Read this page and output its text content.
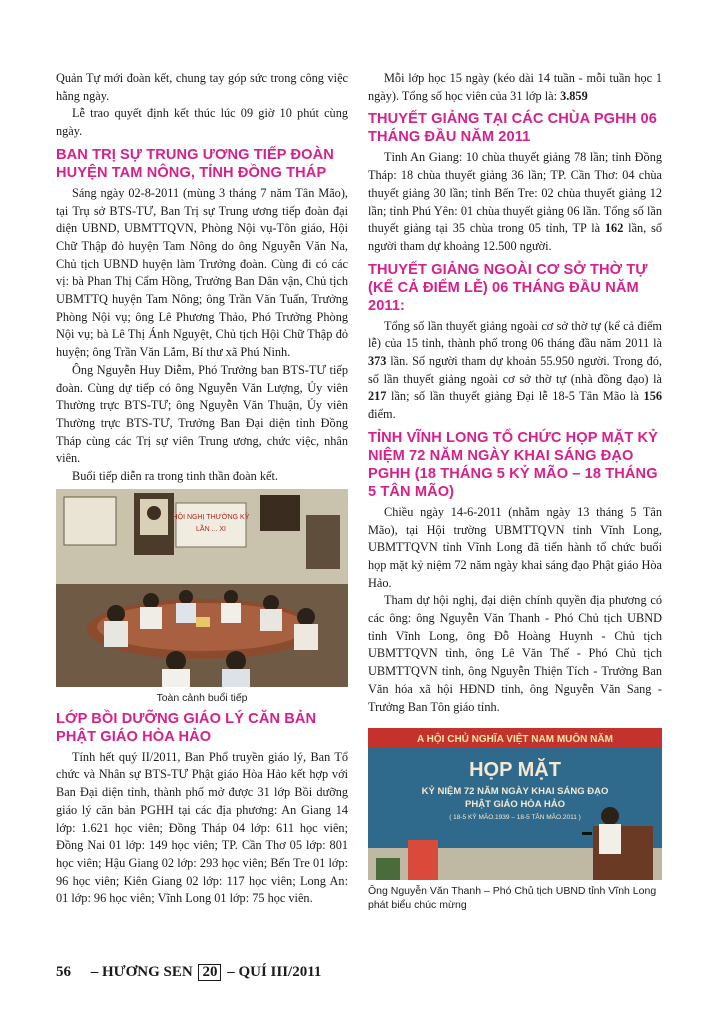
Quản Tự mới đoàn kết, chung tay góp sức trong công việc hằng ngày.

Lễ trao quyết định kết thúc lúc 09 giờ 10 phút cùng ngày.

BAN TRỊ SỰ TRUNG ƯƠNG TIẾP ĐOÀN HUYỆN TAM NÔNG, TỈNH ĐỒNG THÁP

Sáng ngày 02-8-2011 (mùng 3 tháng 7 năm Tân Mão), tại Trụ sở BTS-TƯ, Ban Trị sự Trung ương tiếp đoàn đại diện UBND, UBMTTQVN, Phòng Nội vụ-Tôn giáo, Hội Chữ Thập đỏ huyện Tam Nông do ông Nguyễn Văn Na, Chủ tịch UBND huyện làm Trưởng đoàn. Cùng đi có các vị: bà Phan Thị Cẩm Hồng, Trưởng Ban Dân vận, Chủ tịch UBMTTQ huyện Tam Nông; ông Trần Văn Tuấn, Trưởng Phòng Nội vụ; ông Lê Phương Thảo, Phó Trưởng Phòng Nội vụ; bà Lê Thị Ánh Nguyệt, Chủ tịch Hội Chữ Thập đỏ huyện; ông Trần Văn Lắm, Bí thư xã Phú Ninh.

Ông Nguyễn Huy Diễm, Phó Trưởng ban BTS-TƯ tiếp đoàn. Cùng dự tiếp có ông Nguyễn Văn Lượng, Ủy viên Thường trực BTS-TƯ; ông Nguyễn Văn Thuận, Ủy viên Thường trực BTS-TƯ, Trưởng Ban Đại diện tỉnh Đồng Tháp cùng các Trị sự viên Trung ương, chức việc, nhân viên.

Buổi tiếp diễn ra trong tinh thần đoàn kết.

HỘI NGHỊ THƯỜNG KỲ
LẦN ... XI
Toàn cảnh buổi tiếp
LỚP BỒI DƯỠNG GIÁO LÝ CĂN BẢN PHẬT GIÁO HÒA HẢO

Tính hết quý II/2011, Ban Phổ truyền giáo lý, Ban Tổ chức và Nhân sự BTS-TƯ Phật giáo Hòa Hảo kết hợp với Ban Đại diện tỉnh, thành phố mở được 31 lớp Bồi dưỡng giáo lý căn bản PGHH tại các địa phương: An Giang 14 lớp: 1.621 học viên; Đồng Tháp 04 lớp: 611 học viên; Đồng Nai 01 lớp: 149 học viên; TP. Cần Thơ 05 lớp: 801 học viên; Hậu Giang 02 lớp: 293 học viên; Bến Tre 01 lớp: 96 học viên; Kiên Giang 02 lớp: 117 học viên; Long An: 01 lớp: 96 học viên; Vĩnh Long 01 lớp: 75 học viên.

Mỗi lớp học 15 ngày (kéo dài 14 tuần - mỗi tuần học 1 ngày). Tổng số học viên của 31 lớp là: 3.859

THUYẾT GIẢNG TẠI CÁC CHÙA PGHH 06 THÁNG ĐẦU NĂM 2011

Tỉnh An Giang: 10 chùa thuyết giảng 78 lần; tỉnh Đồng Tháp: 18 chùa thuyết giảng 36 lần; TP. Cần Thơ: 04 chùa thuyết giảng 30 lần; tỉnh Bến Tre: 02 chùa thuyết giảng 12 lần; tỉnh Phú Yên: 01 chùa thuyết giảng 06 lần. Tổng số lần thuyết giảng tại 35 chùa trong 05 tỉnh, TP là 162 lần, số người tham dự khoảng 12.500 người.

THUYẾT GIẢNG NGOÀI CƠ SỞ THỜ TỰ (KỂ CẢ ĐIỂM LỄ) 06 THÁNG ĐẦU NĂM 2011:

Tổng số lần thuyết giảng ngoài cơ sở thờ tự (kể cả điểm lễ) của 15 tỉnh, thành phố trong 06 tháng đầu năm 2011 là 373 lần. Số người tham dự khoản 55.950 người. Trong đó, số lần thuyết giảng ngoài cơ sở thờ tự (nhà đồng đạo) là 217 lần; số lần thuyết giảng Đại lễ 18-5 Tân Mão là 156 điểm.

TỈNH VĨNH LONG TỔ CHỨC HỌP MẶT KỶ NIỆM 72 NĂM NGÀY KHAI SÁNG ĐẠO PGHH (18 THÁNG 5 KỶ MÃO – 18 THÁNG 5 TÂN MÃO)

Chiều ngày 14-6-2011 (nhằm ngày 13 tháng 5 Tân Mão), tại Hội trường UBMTTQVN tỉnh Vĩnh Long, UBMTTQVN tỉnh Vĩnh Long đã tiến hành tổ chức buổi họp mặt kỷ niệm 72 năm ngày khai sáng đạo Phật giáo Hòa Hảo.

Tham dự hội nghị, đại diện chính quyền địa phương có các ông: ông Nguyễn Văn Thanh - Phó Chủ tịch UBND tỉnh Vĩnh Long, ông Đỗ Hoàng Huynh - Chủ tịch UBMTTQVN tỉnh, ông Lê Văn Thế - Phó Chủ tịch UBMTTQVN tỉnh, ông Nguyễn Thiện Tích - Trưởng Ban Văn hóa xã hội HĐND tỉnh, ông Nguyễn Văn Sang - Trưởng Ban Tôn giáo tỉnh.

A HỘI CHỦ NGHĨA VIỆT NAM MUÔN NĂM
HỌP MẶT
KỶ NIỆM 72 NĂM NGÀY KHAI SÁNG ĐẠO
PHẬT GIÁO HÒA HẢO
( 18-5 KỶ MÃO.1939 – 18-5 TÂN MÃO.2011 )
Ông Nguyễn Văn Thanh – Phó Chủ tịch UBND tỉnh Vĩnh Long phát biểu chúc mừng
56 – HƯƠNG SEN 20 – QUÍ III/2011
